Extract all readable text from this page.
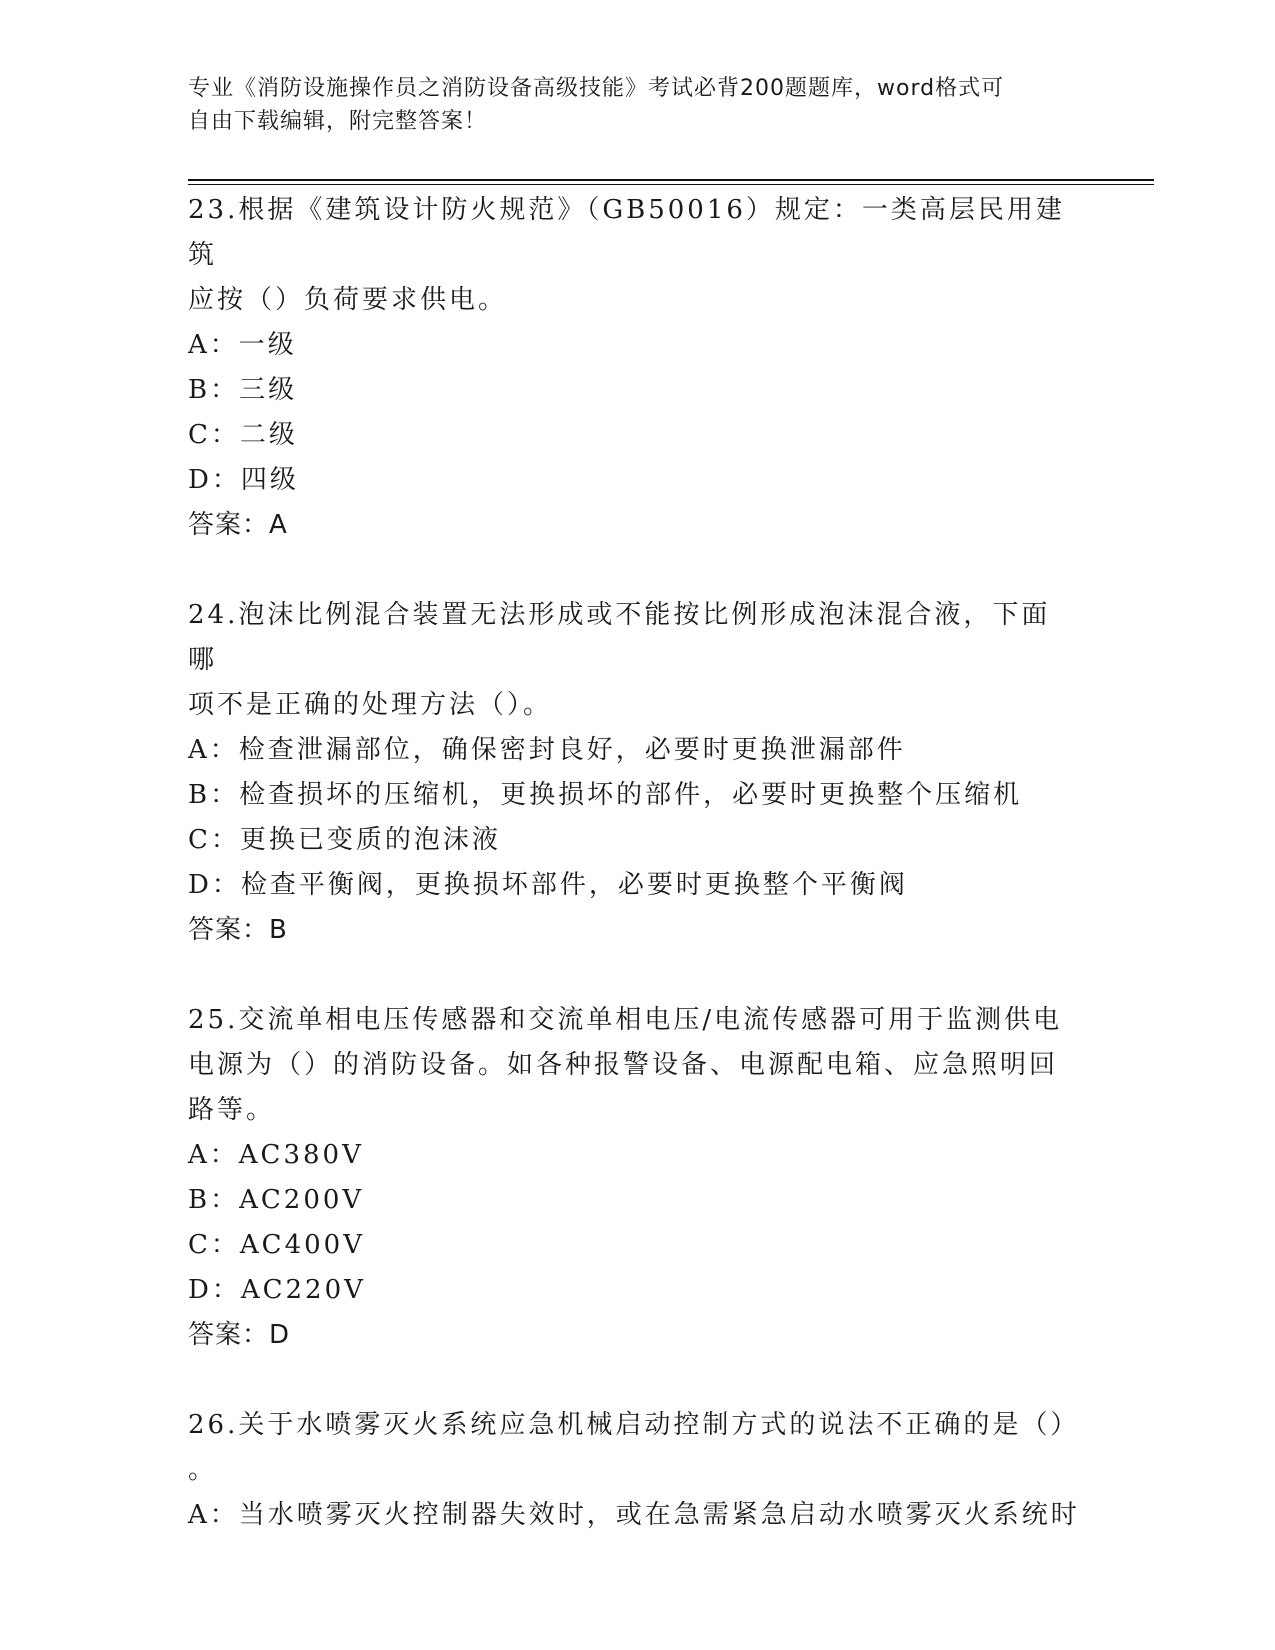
专业《消防设施操作员之消防设备高级技能》考试必背200题题库，word格式可
自由下载编辑，附完整答案！
23.根据《建筑设计防火规范》（GB50016）规定：一类高层民用建筑
应按（）负荷要求供电。
A：一级
B：三级
C：二级
D：四级
答案：A
24.泡沫比例混合装置无法形成或不能按比例形成泡沫混合液，下面哪
项不是正确的处理方法（）。
A：检查泄漏部位，确保密封良好，必要时更换泄漏部件
B：检查损坏的压缩机，更换损坏的部件，必要时更换整个压缩机
C：更换已变质的泡沫液
D：检查平衡阀，更换损坏部件，必要时更换整个平衡阀
答案：B
25.交流单相电压传感器和交流单相电压/电流传感器可用于监测供电
电源为（）的消防设备。如各种报警设备、电源配电箱、应急照明回
路等。
A：AC380V
B：AC200V
C：AC400V
D：AC220V
答案：D
26.关于水喷雾灭火系统应急机械启动控制方式的说法不正确的是（）
。
A：当水喷雾灭火控制器失效时，或在急需紧急启动水喷雾灭火系统时
